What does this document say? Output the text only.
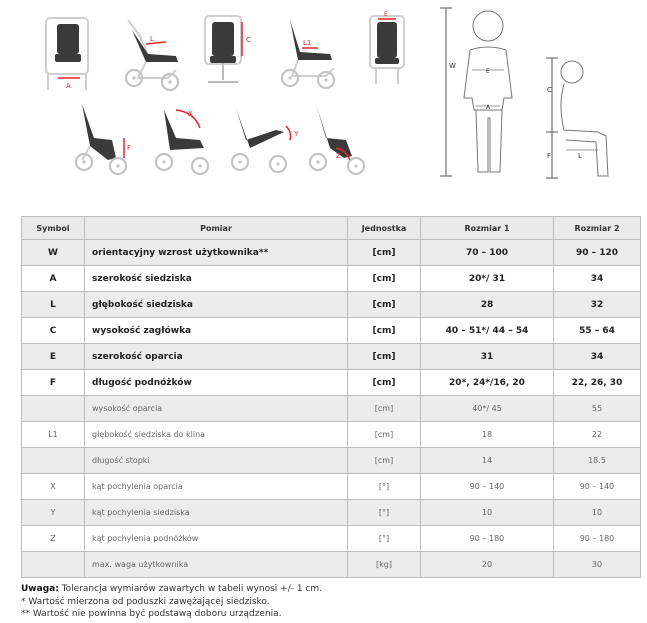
A
L	C	L1
E
F
X
Y
Z
W
E
A
C
F	L
Symbol	Pomiar	Jednostka	Rozmiar 1	Rozmiar 2
W	orientacyjny wzrost użytkownika**	[cm]	70 – 100	90 – 120
A	szerokość siedziska	[cm]	20*/ 31	34
L	głębokość siedziska	[cm]	28	32
C	wysokość zagłówka	[cm]	40 – 51*/ 44 – 54	55 – 64
E	szerokość oparcia	[cm]	31	34
F	długość podnóżków	[cm]	20*, 24*/16, 20	22, 26, 30
	wysokość oparcia	[cm]	40*/ 45	55
L1	głębokość siedziska do klina	[cm]	18	22
	długość stopki	[cm]	14	18.5
X	kąt pochylenia oparcia	[°]	90 – 140	90 – 140
Y	kąt pochylenia siedziska	[°]	10	10
Z	kąt pochylenia podnóżków	[°]	90 – 180	90 – 180
	max. waga użytkownika	[kg]	20	30
Uwaga: Tolerancja wymiarów zawartych w tabeli wynosi +/- 1 cm.
* Wartość mierzona od poduszki zawężającej siedzisko.
** Wartość nie powinna być podstawą doboru urządzenia.
